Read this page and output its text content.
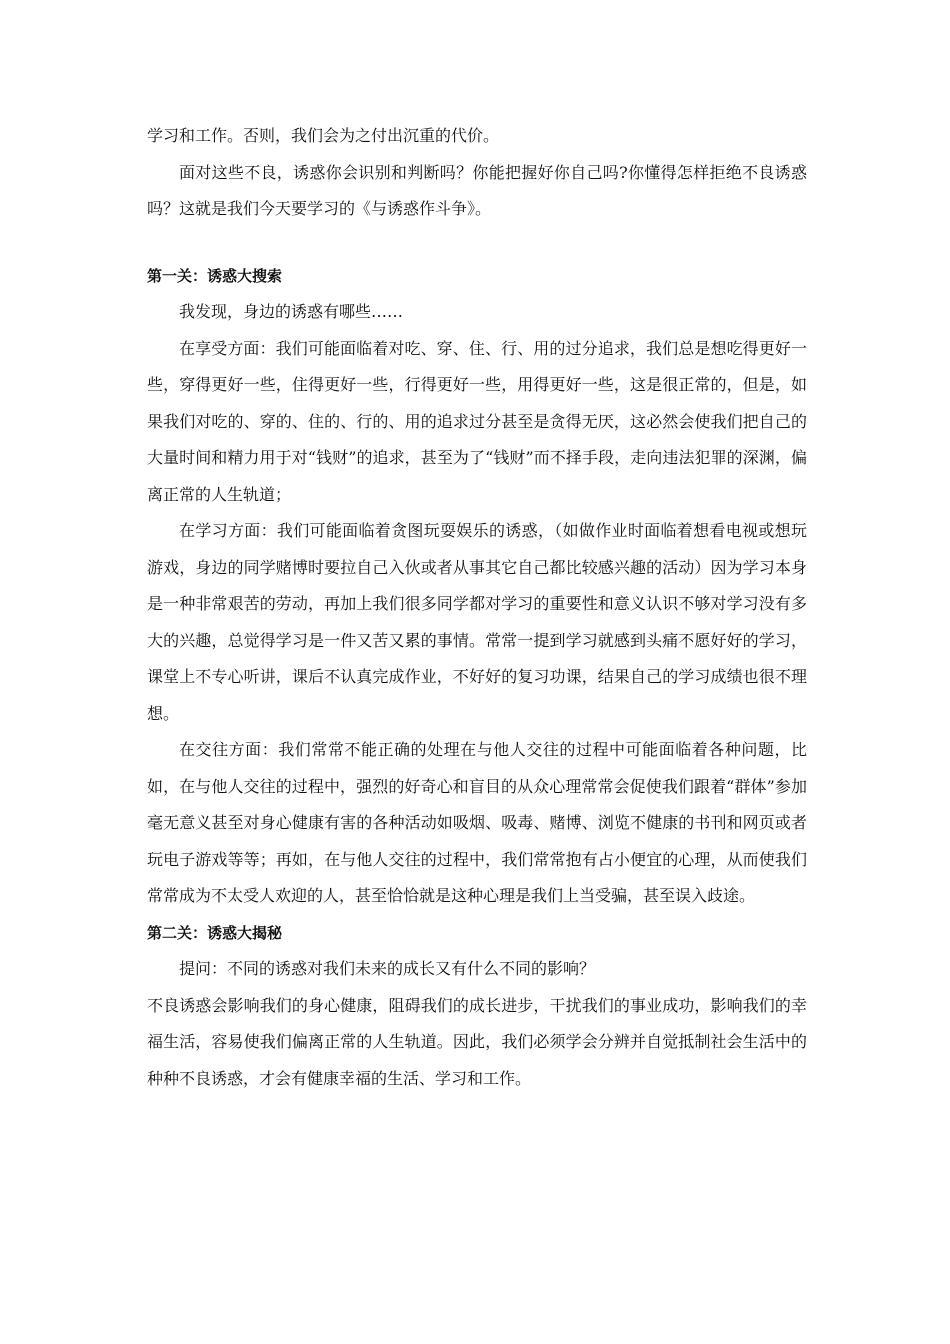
学习和工作。否则，我们会为之付出沉重的代价。

面对这些不良，诱惑你会识别和判断吗？你能把握好你自己吗?你懂得怎样拒绝不良诱惑吗？这就是我们今天要学习的《与诱惑作斗争》。

第一关：诱惑大搜索

我发现，身边的诱惑有哪些……

在享受方面：我们可能面临着对吃、穿、住、行、用的过分追求，我们总是想吃得更好一些，穿得更好一些，住得更好一些，行得更好一些，用得更好一些，这是很正常的，但是，如果我们对吃的、穿的、住的、行的、用的追求过分甚至是贪得无厌，这必然会使我们把自己的大量时间和精力用于对“钱财”的追求，甚至为了“钱财”而不择手段，走向违法犯罪的深渊，偏离正常的人生轨道；

在学习方面：我们可能面临着贪图玩耍娱乐的诱惑，（如做作业时面临着想看电视或想玩游戏，身边的同学赌博时要拉自己入伙或者从事其它自己都比较感兴趣的活动）因为学习本身是一种非常艰苦的劳动，再加上我们很多同学都对学习的重要性和意义认识不够对学习没有多大的兴趣，总觉得学习是一件又苦又累的事情。常常一提到学习就感到头痛不愿好好的学习，课堂上不专心听讲，课后不认真完成作业，不好好的复习功课，结果自己的学习成绩也很不理想。

在交往方面：我们常常不能正确的处理在与他人交往的过程中可能面临着各种问题，比如，在与他人交往的过程中，强烈的好奇心和盲目的从众心理常常会促使我们跟着“群体”参加毫无意义甚至对身心健康有害的各种活动如吸烟、吸毒、赌博、浏览不健康的书刊和网页或者玩电子游戏等等；再如，在与他人交往的过程中，我们常常抱有占小便宜的心理，从而使我们常常成为不太受人欢迎的人，甚至恰恰就是这种心理是我们上当受骗，甚至误入歧途。

第二关：诱惑大揭秘

提问：不同的诱惑对我们未来的成长又有什么不同的影响？

不良诱惑会影响我们的身心健康，阻碍我们的成长进步，干扰我们的事业成功，影响我们的幸福生活，容易使我们偏离正常的人生轨道。因此，我们必须学会分辨并自觉抵制社会生活中的种种不良诱惑，才会有健康幸福的生活、学习和工作。
